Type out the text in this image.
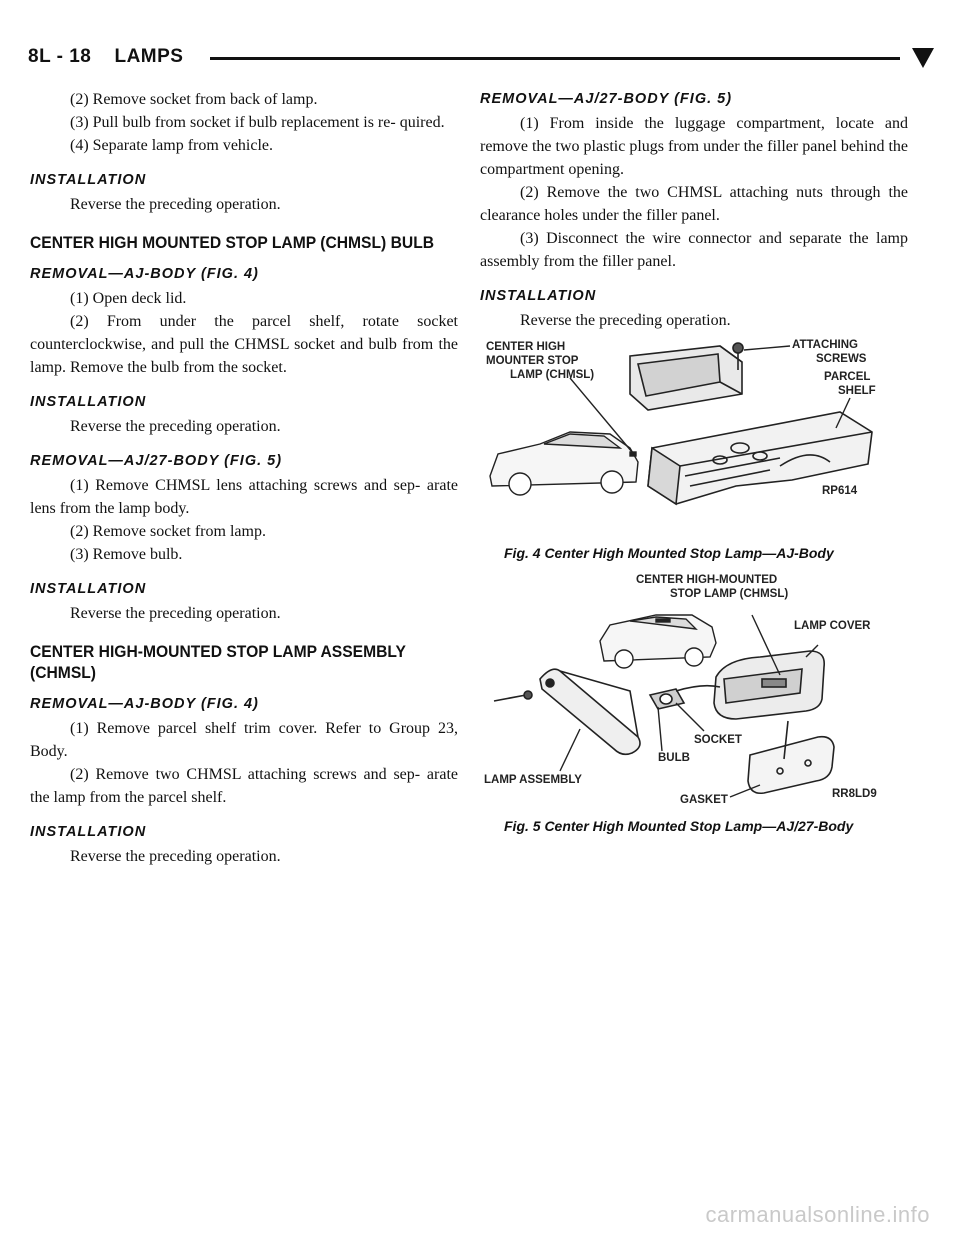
8L - 18    LAMPS

(2) Remove socket from back of lamp.

(3) Pull bulb from socket if bulb replacement is re- quired.

(4) Separate lamp from vehicle.

INSTALLATION

Reverse the preceding operation.

CENTER HIGH MOUNTED STOP LAMP (CHMSL) BULB
REMOVAL—AJ-BODY (FIG. 4)

(1) Open deck lid.

(2) From under the parcel shelf, rotate socket counterclockwise, and pull the CHMSL socket and bulb from the lamp. Remove the bulb from the socket.

INSTALLATION

Reverse the preceding operation.

REMOVAL—AJ/27-BODY (FIG. 5)

(1) Remove CHMSL lens attaching screws and sep- arate lens from the lamp body.

(2) Remove socket from lamp.

(3) Remove bulb.

INSTALLATION

Reverse the preceding operation.

CENTER HIGH-MOUNTED STOP LAMP ASSEMBLY (CHMSL)
REMOVAL—AJ-BODY (FIG. 4)

(1) Remove parcel shelf trim cover. Refer to Group 23, Body.

(2) Remove two CHMSL attaching screws and sep- arate the lamp from the parcel shelf.

INSTALLATION

Reverse the preceding operation.

REMOVAL—AJ/27-BODY (FIG. 5)

(1) From inside the luggage compartment, locate and remove the two plastic plugs from under the filler panel behind the compartment opening.

(2) Remove the two CHMSL attaching nuts through the clearance holes under the filler panel.

(3) Disconnect the wire connector and separate the lamp assembly from the filler panel.

INSTALLATION

Reverse the preceding operation.

CENTER HIGH
MOUNTER STOP
LAMP (CHMSL)
ATTACHING
SCREWS
PARCEL
SHELF
RP614
Fig. 4 Center High Mounted Stop Lamp—AJ-Body
CENTER HIGH-MOUNTED
STOP LAMP (CHMSL)
LAMP COVER
SOCKET
BULB
LAMP ASSEMBLY
GASKET	RR8LD9
Fig. 5 Center High Mounted Stop Lamp—AJ/27-Body
carmanualsonline.info
